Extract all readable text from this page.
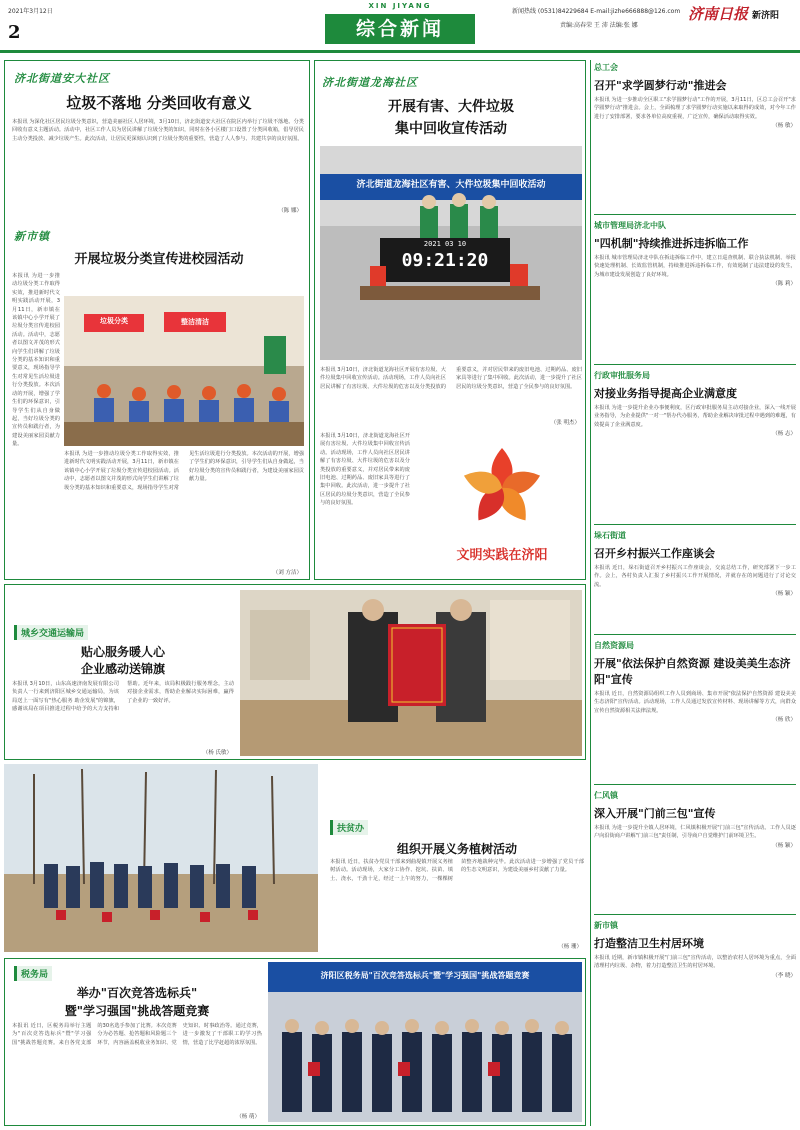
2021年3月12日
2
XIN JIYANG
综合新闻
新闻热线 (0531)84229684 E-mail:jizhe666888@126.com
责编:高春荣 王 沛 法编:张 娜
济南日报 新济阳
济北街道安大社区
垃圾不落地 分类回收有意义
本报讯 为深化社区居民垃圾分类意识，营造美丽社区人居环境，3月10日，济北街道安大社区在院区内举行了垃圾不落地、分类回收有意义主题活动。活动中，社区工作人员为居民讲解了垃圾分类的知识，同时在各小区楼门口设置了分类回收箱，倡导居民主动分类投放、减少垃圾产生。此次活动，让居民更深刻认识到了垃圾分类的重要性，营造了人人参与、共建共享的良好氛围。
（陈 娜）
新市镇
开展垃圾分类宣传进校园活动
本报讯 为进一步推动垃圾分类工作取得实效，推进新时代文明实践活动开展，3月11日，新市镇在该镇中心小学开展了垃圾分类宣传进校园活动。活动中，志愿者以图文并茂的形式向学生们讲解了垃圾分类的基本知识和重要意义，现场指导学生对常见生活垃圾进行分类投放。本次活动的开展，增强了学生们的环保意识，引导学生们从自身做起，当好垃圾分类的宣传员和践行者，为建设美丽家园贡献力量。
垃圾分类	整洁清洁
本报讯 为进一步推动垃圾分类工作取得实效，推进新时代文明实践活动开展，3月11日，新市镇在该镇中心小学开展了垃圾分类宣传进校园活动。活动中，志愿者以图文并茂的形式向学生们讲解了垃圾分类的基本知识和重要意义，现场指导学生对常见生活垃圾进行分类投放。本次活动的开展，增强了学生们的环保意识，引导学生们从自身做起，当好垃圾分类的宣传员和践行者，为建设美丽家园贡献力量。
（刘 方洁）
济北街道龙海社区
开展有害、大件垃圾
集中回收宣传活动
济北街道龙海社区有害、大件垃圾集中回收活动
2021 03 10
09:21:20
本报讯 3月10日，济北街道龙海社区开展有害垃圾、大件垃圾集中回收宣传活动。活动现场，工作人员向社区居民讲解了有害垃圾、大件垃圾的危害以及分类投放的重要意义，并对居民带来的废旧电池、过期药品、废旧家具等进行了集中回收。此次活动，进一步提升了社区居民的垃圾分类意识，营造了全民参与的良好氛围。
（张 明杰）
本报讯 3月10日，济北街道龙海社区开展有害垃圾、大件垃圾集中回收宣传活动。活动现场，工作人员向社区居民讲解了有害垃圾、大件垃圾的危害以及分类投放的重要意义，并对居民带来的废旧电池、过期药品、废旧家具等进行了集中回收。此次活动，进一步提升了社区居民的垃圾分类意识，营造了全民参与的良好氛围。
文明实践在济阳
城乡交通运输局
贴心服务暖人心
企业感动送锦旗
本报讯 3月10日，山东高速济南发展有限公司负责人一行来到济阳区城乡交通运输局，为该局送上一面写有"热心服务 助企发展"的锦旗，感谢该局在项目推进过程中给予的大力支持和帮助。近年来，该局积极践行服务理念，主动对接企业需求，帮助企业解决实际困难，赢得了企业的一致好评。
（杨 氏敏）
扶贫办
组织开展义务植树活动
本报讯 近日，扶贫办党员干部来到曲堤镇开展义务植树活动。活动现场，大家分工协作、挖坑、扶苗、填土、浇水，干劲十足，经过一上午的努力，一棵棵树苗整齐地栽种完毕。此次活动进一步增强了党员干部的生态文明意识，为建设美丽乡村贡献了力量。
（杨 珊）
税务局
举办"百次竞答选标兵"
暨"学习强国"挑战答题竞赛
本报讯 近日，区税务局举行主题为"百次竞答选标兵"暨"学习强国"挑战答题竞赛。来自各党支部的30名选手参加了比赛。本次竞赛分为必答题、抢答题和风险题三个环节，内容涵盖税收业务知识、党史知识、时事政治等。通过竞赛，进一步激发了干部职工的学习热情，营造了比学赶超的浓厚氛围。
（杨 萌）
济阳区税务局"百次竞答选标兵"暨"学习强国"挑战答题竞赛
总工会
召开"求学圆梦行动"推进会
本报讯 为进一步推动全区职工"求学圆梦行动"工作的开展，3月11日，区总工会召开"求学圆梦行动"推进会。会上，全面梳理了求学圆梦行动实施以来取得的成效，对今年工作进行了安排部署，要求各单位高度重视，广泛宣传，确保活动取得实效。
（杨 敏）
城市管理局济北中队
"四机制"持续推进拆违拆临工作
本报讯 城市管理局济北中队在拆违拆临工作中，建立日巡查机制、联合执法机制、举报快速处理机制、长效监管机制，持续推进拆违拆临工作，有效遏制了违法建设的发生，为城市建设发展创造了良好环境。
（陈 莉）
行政审批服务局
对接业务指导提高企业满意度
本报讯 为进一步提升企业办事便利度，区行政审批服务局主动对接企业，深入一线开展业务指导，为企业提供"一对一"帮办代办服务，帮助企业解决审批过程中遇到的难题，有效提高了企业满意度。
（杨 志）
垛石街道
召开乡村振兴工作座谈会
本报讯 近日，垛石街道召开乡村振兴工作座谈会，交流总结工作，研究部署下一步工作。会上，各村负责人汇报了乡村振兴工作开展情况，并就存在的问题进行了讨论交流。
（杨 颖）
自然资源局
开展"依法保护自然资源 建设美美生态济阳"宣传
本报讯 近日，自然资源局组织工作人员到商场、集市开展"依法保护自然资源 建设美美生态济阳"宣传活动。活动现场，工作人员通过发放宣传材料、现场讲解等方式，向群众宣传自然资源相关法律法规。
（杨 欣）
仁风镇
深入开展"门前三包"宣传
本报讯 为进一步提升全镇人居环境，仁风镇积极开展"门前三包"宣传活动。工作人员逐户向沿街商户讲解"门前三包"责任制，引导商户自觉维护门前环境卫生。
（杨 颖）
新市镇
打造整洁卫生村居环境
本报讯 近期，新市镇积极开展"门前三包"宣传活动，以整治农村人居环境为重点，全面清理村内垃圾、杂物，着力打造整洁卫生的村居环境。
（李 晓）
